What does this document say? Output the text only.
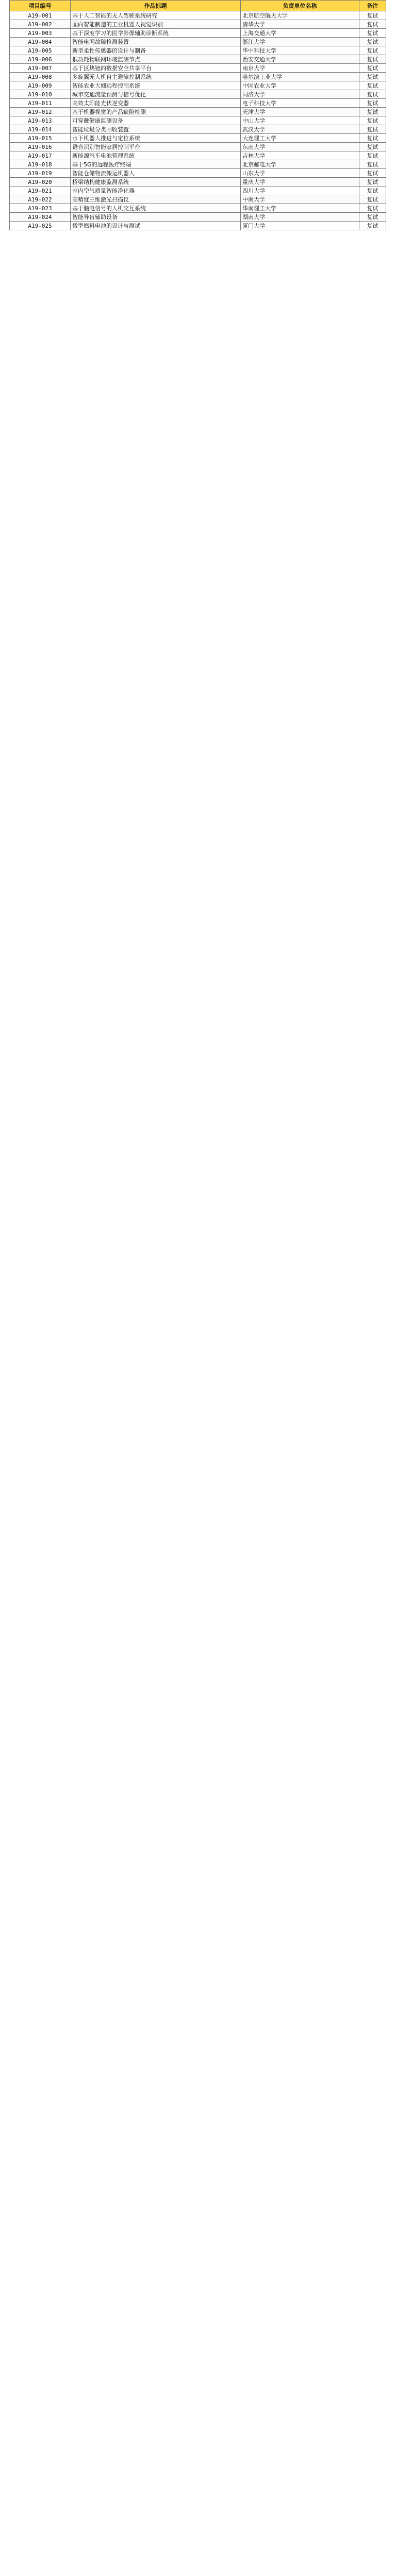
项目编号	作品标题	负责单位名称	备注
A19-001	基于人工智能的无人驾驶系统研究	北京航空航天大学	复试
A19-002	面向智能制造的工业机器人视觉识别	清华大学	复试
A19-003	基于深度学习的医学影像辅助诊断系统	上海交通大学	复试
A19-004	智能电网故障检测装置	浙江大学	复试
A19-005	新型柔性传感器的设计与制备	华中科技大学	复试
A19-006	低功耗物联网环境监测节点	西安交通大学	复试
A19-007	基于区块链的数据安全共享平台	南京大学	复试
A19-008	多旋翼无人机自主避障控制系统	哈尔滨工业大学	复试
A19-009	智能农业大棚远程控制系统	中国农业大学	复试
A19-010	城市交通流量预测与信号优化	同济大学	复试
A19-011	高效太阳能光伏逆变器	电子科技大学	复试
A19-012	基于机器视觉的产品缺陷检测	天津大学	复试
A19-013	可穿戴健康监测设备	中山大学	复试
A19-014	智能垃圾分类回收装置	武汉大学	复试
A19-015	水下机器人推进与定位系统	大连理工大学	复试
A19-016	语音识别智能家居控制平台	东南大学	复试
A19-017	新能源汽车电池管理系统	吉林大学	复试
A19-018	基于5G的远程医疗终端	北京邮电大学	复试
A19-019	智能仓储物流搬运机器人	山东大学	复试
A19-020	桥梁结构健康监测系统	重庆大学	复试
A19-021	室内空气质量智能净化器	四川大学	复试
A19-022	高精度三维激光扫描仪	中南大学	复试
A19-023	基于脑电信号的人机交互系统	华南理工大学	复试
A19-024	智能导盲辅助设备	湖南大学	复试
A19-025	微型燃料电池的设计与测试	厦门大学	复试
